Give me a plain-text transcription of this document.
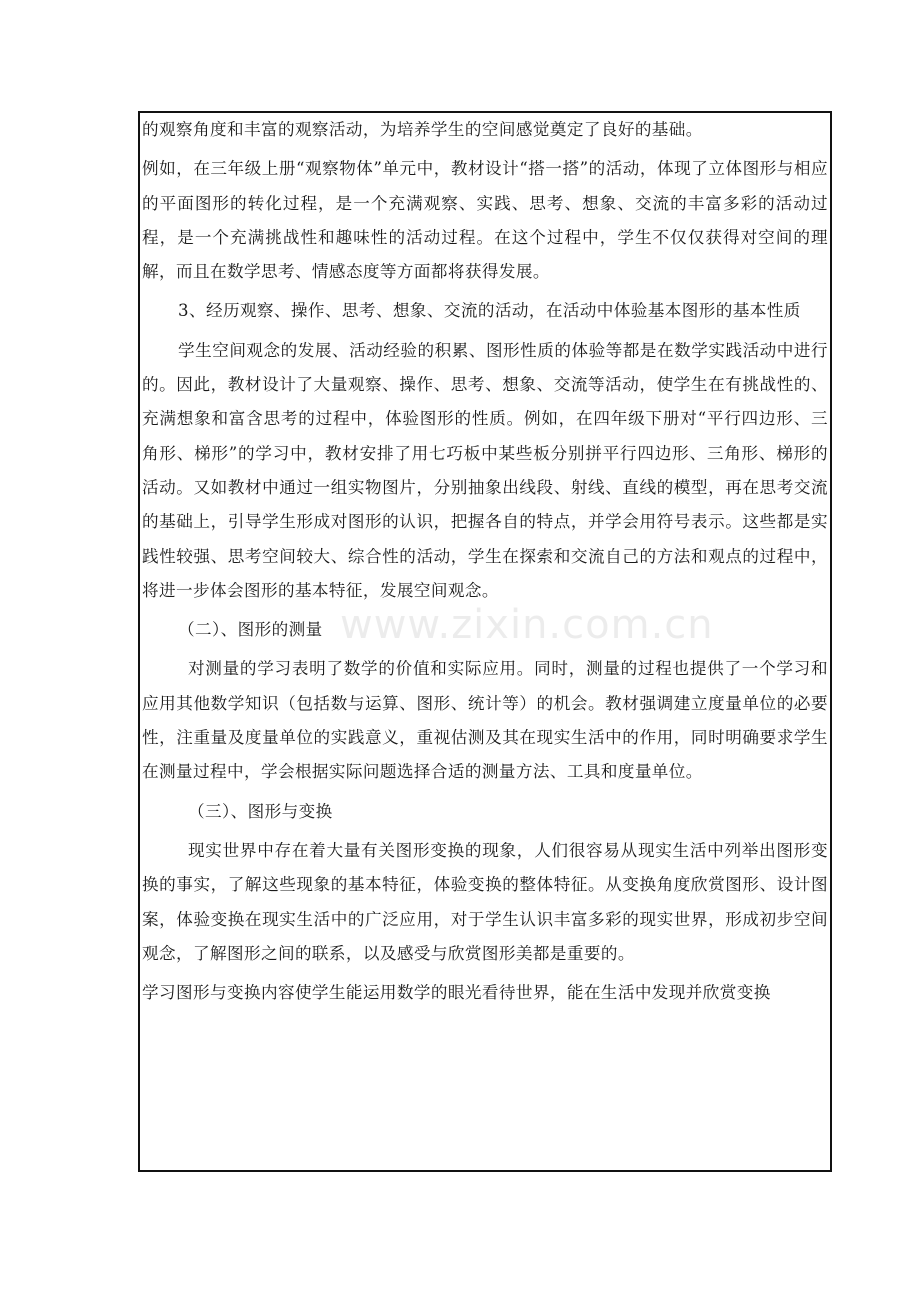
的观察角度和丰富的观察活动，为培养学生的空间感觉奠定了良好的基础。

例如，在三年级上册“观察物体”单元中，教材设计“搭一搭”的活动，体现了立体图形与相应的平面图形的转化过程，是一个充满观察、实践、思考、想象、交流的丰富多彩的活动过程，是一个充满挑战性和趣味性的活动过程。在这个过程中，学生不仅仅获得对空间的理解，而且在数学思考、情感态度等方面都将获得发展。

3、经历观察、操作、思考、想象、交流的活动，在活动中体验基本图形的基本性质

学生空间观念的发展、活动经验的积累、图形性质的体验等都是在数学实践活动中进行的。因此，教材设计了大量观察、操作、思考、想象、交流等活动，使学生在有挑战性的、充满想象和富含思考的过程中，体验图形的性质。例如，在四年级下册对“平行四边形、三角形、梯形”的学习中，教材安排了用七巧板中某些板分别拼平行四边形、三角形、梯形的活动。又如教材中通过一组实物图片，分别抽象出线段、射线、直线的模型，再在思考交流的基础上，引导学生形成对图形的认识，把握各自的特点，并学会用符号表示。这些都是实践性较强、思考空间较大、综合性的活动，学生在探索和交流自己的方法和观点的过程中，将进一步体会图形的基本特征，发展空间观念。

（二）、图形的测量

对测量的学习表明了数学的价值和实际应用。同时，测量的过程也提供了一个学习和应用其他数学知识（包括数与运算、图形、统计等）的机会。教材强调建立度量单位的必要性，注重量及度量单位的实践意义，重视估测及其在现实生活中的作用，同时明确要求学生在测量过程中，学会根据实际问题选择合适的测量方法、工具和度量单位。

（三）、图形与变换

现实世界中存在着大量有关图形变换的现象，人们很容易从现实生活中列举出图形变换的事实，了解这些现象的基本特征，体验变换的整体特征。从变换角度欣赏图形、设计图案，体验变换在现实生活中的广泛应用，对于学生认识丰富多彩的现实世界，形成初步空间观念，了解图形之间的联系，以及感受与欣赏图形美都是重要的。

学习图形与变换内容使学生能运用数学的眼光看待世界，能在生活中发现并欣赏变换

www.zixin.com.cn
